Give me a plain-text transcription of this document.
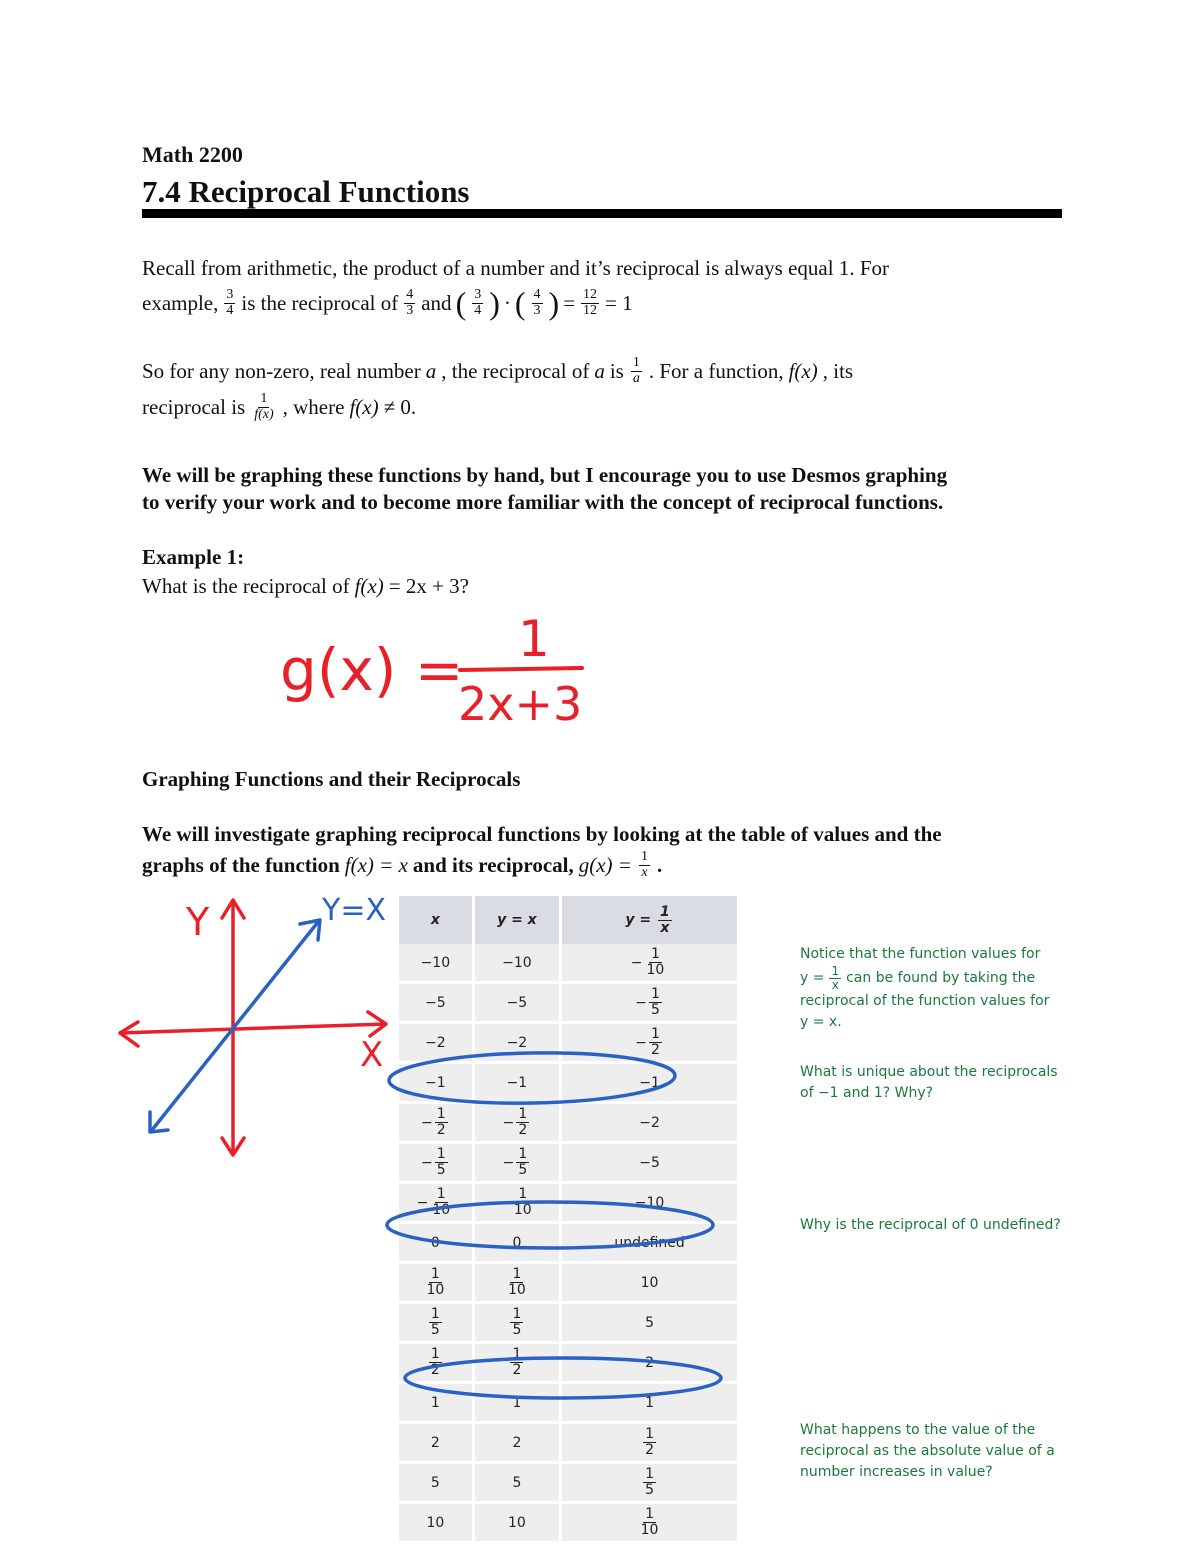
Math 2200
7.4 Reciprocal Functions
Recall from arithmetic, the product of a number and it’s reciprocal is always equal 1. For
example, $\frac{3}{4}$ is the reciprocal of $\frac{4}{3}$ and ( $\frac{3}{4}$ ) · ( $\frac{4}{3}$ ) = $\frac{12}{12} = 1$
So for any non-zero, real number a , the reciprocal of a is $\frac{1}{a}$ . For a function, f(x) , its
reciprocal is $\frac{1}{f(x)}$ , where f(x) ≠ 0.
We will be graphing these functions by hand, but I encourage you to use Desmos graphing
to verify your work and to become more familiar with the concept of reciprocal functions.
Example 1:
What is the reciprocal of f(x) = 2x + 3?
g(x) = 1
2x+3
Y
X
Y=X
Graphing Functions and their Reciprocals
We will investigate graphing reciprocal functions by looking at the table of values and the
graphs of the function f(x) = x and its reciprocal, $g(x) = \frac{1}{x}$ .
x	y = x	$y = \frac{1}{x}$

−10	−10	− $\frac{1}{10}$

−5	−5	− $\frac{1}{5}$

−2	−2	− $\frac{1}{2}$

−1	−1	−1
− $\frac{1}{2}$	− $\frac{1}{2}$	−2
− $\frac{1}{5}$	− $\frac{1}{5}$	−5
− $\frac{1}{10}$	− $\frac{1}{10}$	−10
0	0	undefined

$\frac{1}{10}$	$\frac{1}{10}$	10

$\frac{1}{5}$	$\frac{1}{5}$	5

$\frac{1}{2}$	$\frac{1}{2}$	2
1	1	1
2	2	$\frac{1}{2}$

5	5	$\frac{1}{5}$

10	10	$\frac{1}{10}$
Notice that the function values for
$y = \frac{1}{x}$ can be found by taking the
reciprocal of the function values for
y = x.
What is unique about the reciprocals
of −1 and 1? Why?
Why is the reciprocal of 0 undefined?
What happens to the value of the
reciprocal as the absolute value of a
number increases in value?
